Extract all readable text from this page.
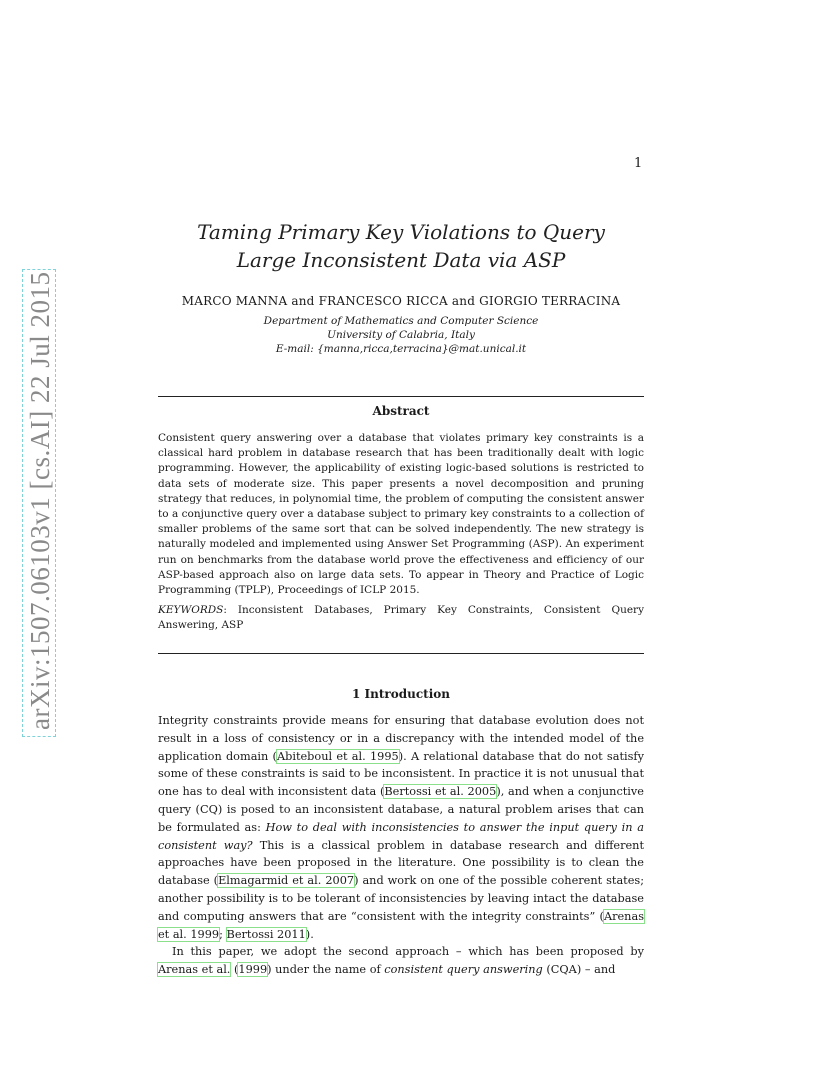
1
arXiv:1507.06103v1 [cs.AI] 22 Jul 2015
Taming Primary Key Violations to Query
Large Inconsistent Data via ASP
MARCO MANNA and FRANCESCO RICCA and GIORGIO TERRACINA
Department of Mathematics and Computer Science
University of Calabria, Italy
E-mail: {manna,ricca,terracina}@mat.unical.it
Abstract

Consistent query answering over a database that violates primary key constraints is a classical hard problem in database research that has been traditionally dealt with logic programming. However, the applicability of existing logic-based solutions is restricted to data sets of moderate size. This paper presents a novel decomposition and pruning strategy that reduces, in polynomial time, the problem of computing the consistent answer to a conjunctive query over a database subject to primary key constraints to a collection of smaller problems of the same sort that can be solved independently. The new strategy is naturally modeled and implemented using Answer Set Programming (ASP). An experiment run on benchmarks from the database world prove the effectiveness and efficiency of our ASP-based approach also on large data sets. To appear in Theory and Practice of Logic Programming (TPLP), Proceedings of ICLP 2015.

KEYWORDS: Inconsistent Databases, Primary Key Constraints, Consistent Query Answering, ASP
1 Introduction

Integrity constraints provide means for ensuring that database evolution does not result in a loss of consistency or in a discrepancy with the intended model of the application domain (Abiteboul et al. 1995). A relational database that do not satisfy some of these constraints is said to be inconsistent. In practice it is not unusual that one has to deal with inconsistent data (Bertossi et al. 2005), and when a conjunctive query (CQ) is posed to an inconsistent database, a natural problem arises that can be formulated as: How to deal with inconsistencies to answer the input query in a consistent way? This is a classical problem in database research and different approaches have been proposed in the literature. One possibility is to clean the database (Elmagarmid et al. 2007) and work on one of the possible coherent states; another possibility is to be tolerant of inconsistencies by leaving intact the database and computing answers that are “consistent with the integrity constraints” (Arenas et al. 1999; Bertossi 2011).

In this paper, we adopt the second approach – which has been proposed by Arenas et al. (1999) under the name of consistent query answering (CQA) – and
